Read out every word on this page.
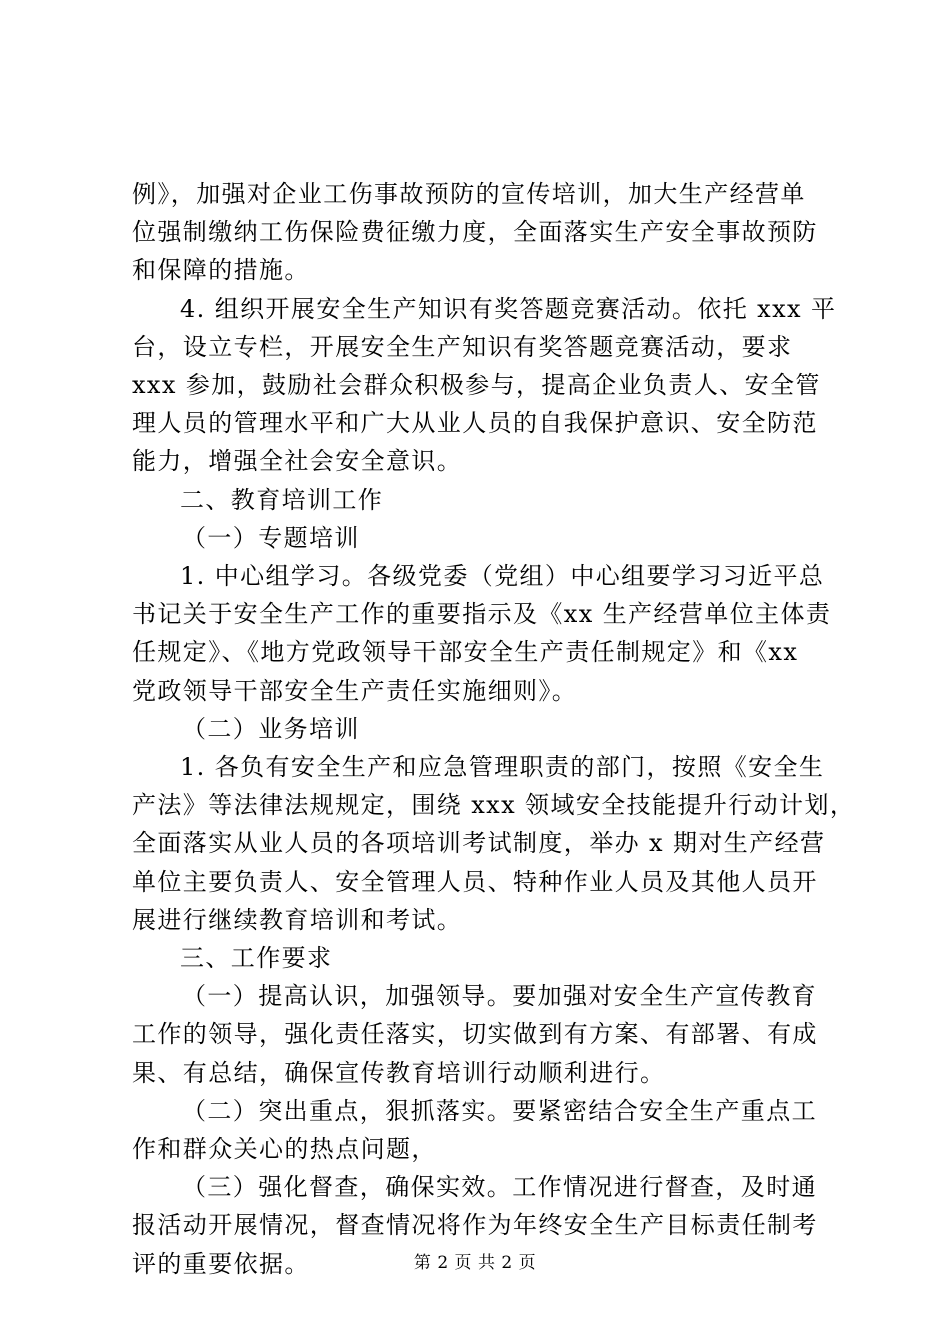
例》，加强对企业工伤事故预防的宣传培训，加大生产经营单
位强制缴纳工伤保险费征缴力度，全面落实生产安全事故预防
和保障的措施。
4. 组织开展安全生产知识有奖答题竞赛活动。依托 xxx 平
台，设立专栏，开展安全生产知识有奖答题竞赛活动，要求
xxx 参加，鼓励社会群众积极参与，提高企业负责人、安全管
理人员的管理水平和广大从业人员的自我保护意识、安全防范
能力，增强全社会安全意识。
二、教育培训工作
（一）专题培训
1. 中心组学习。各级党委（党组）中心组要学习习近平总
书记关于安全生产工作的重要指示及《xx 生产经营单位主体责
任规定》、《地方党政领导干部安全生产责任制规定》和《xx
党政领导干部安全生产责任实施细则》。
（二）业务培训
1. 各负有安全生产和应急管理职责的部门，按照《安全生
产法》等法律法规规定，围绕 xxx 领域安全技能提升行动计划，
全面落实从业人员的各项培训考试制度，举办 x 期对生产经营
单位主要负责人、安全管理人员、特种作业人员及其他人员开
展进行继续教育培训和考试。
三、工作要求
（一）提高认识，加强领导。要加强对安全生产宣传教育
工作的领导，强化责任落实，切实做到有方案、有部署、有成
果、有总结，确保宣传教育培训行动顺利进行。
（二）突出重点，狠抓落实。要紧密结合安全生产重点工
作和群众关心的热点问题，
（三）强化督查，确保实效。工作情况进行督查，及时通
报活动开展情况，督查情况将作为年终安全生产目标责任制考
评的重要依据。	第 2 页 共 2 页
